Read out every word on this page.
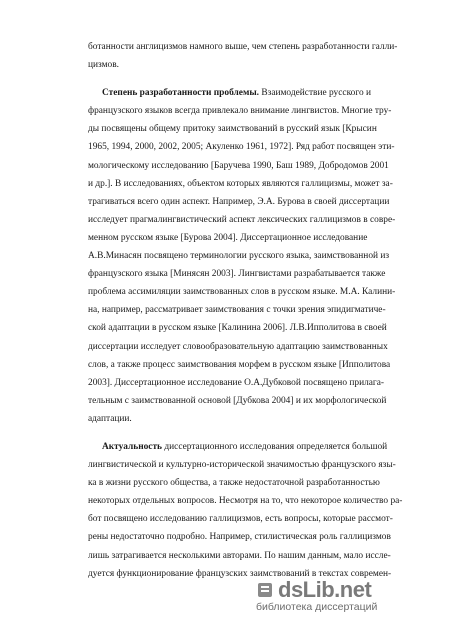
ботанности англицизмов намного выше, чем степень разработанности галли-
цизмов.
Степень разработанности проблемы. Взаимодействие русского и
французского языков всегда привлекало внимание лингвистов. Многие тру-
ды посвящены общему притоку заимствований в русский язык [Крысин
1965, 1994, 2000, 2002, 2005; Акуленко 1961, 1972]. Ряд работ посвящен эти-
мологическому исследованию [Баручева 1990, Баш 1989, Добродомов 2001
и др.]. В исследованиях, объектом которых являются галлицизмы, может за-
трагиваться всего один аспект. Например, Э.А. Бурова в своей диссертации
исследует прагмалингвистический аспект лексических галлицизмов в совре-
менном русском языке [Бурова 2004]. Диссертационное исследование
А.В.Минасян посвящено терминологии русского языка, заимствованной из
французского языка [Минясян 2003]. Лингвистами разрабатывается также
проблема ассимиляции заимствованных слов в русском языке. М.А. Калини-
на, например, рассматривает заимствования с точки зрения эпидигматиче-
ской адаптации в русском языке [Калинина 2006]. Л.В.Ипполитова в своей
диссертации исследует словообразовательную адаптацию заимствованных
слов, а также процесс заимствования морфем в русском языке [Ипполитова
2003]. Диссертационное исследование О.А.Дубковой посвящено прилага-
тельным с заимствованной основой [Дубкова 2004] и их морфологической
адаптации.
Актуальность диссертационного исследования определяется большой
лингвистической и культурно-исторической значимостью французского язы-
ка в жизни русского общества, а также недостаточной разработанностью
некоторых отдельных вопросов. Несмотря на то, что некоторое количество ра-
бот посвящено исследованию галлицизмов, есть вопросы, которые рассмот-
рены недостаточно подробно. Например, стилистическая роль галлицизмов
лишь затрагивается несколькими авторами. По нашим данным, мало иссле-
дуется функционирование французских заимствований в текстах современ-
dsLib.net
библиотека диссертаций
